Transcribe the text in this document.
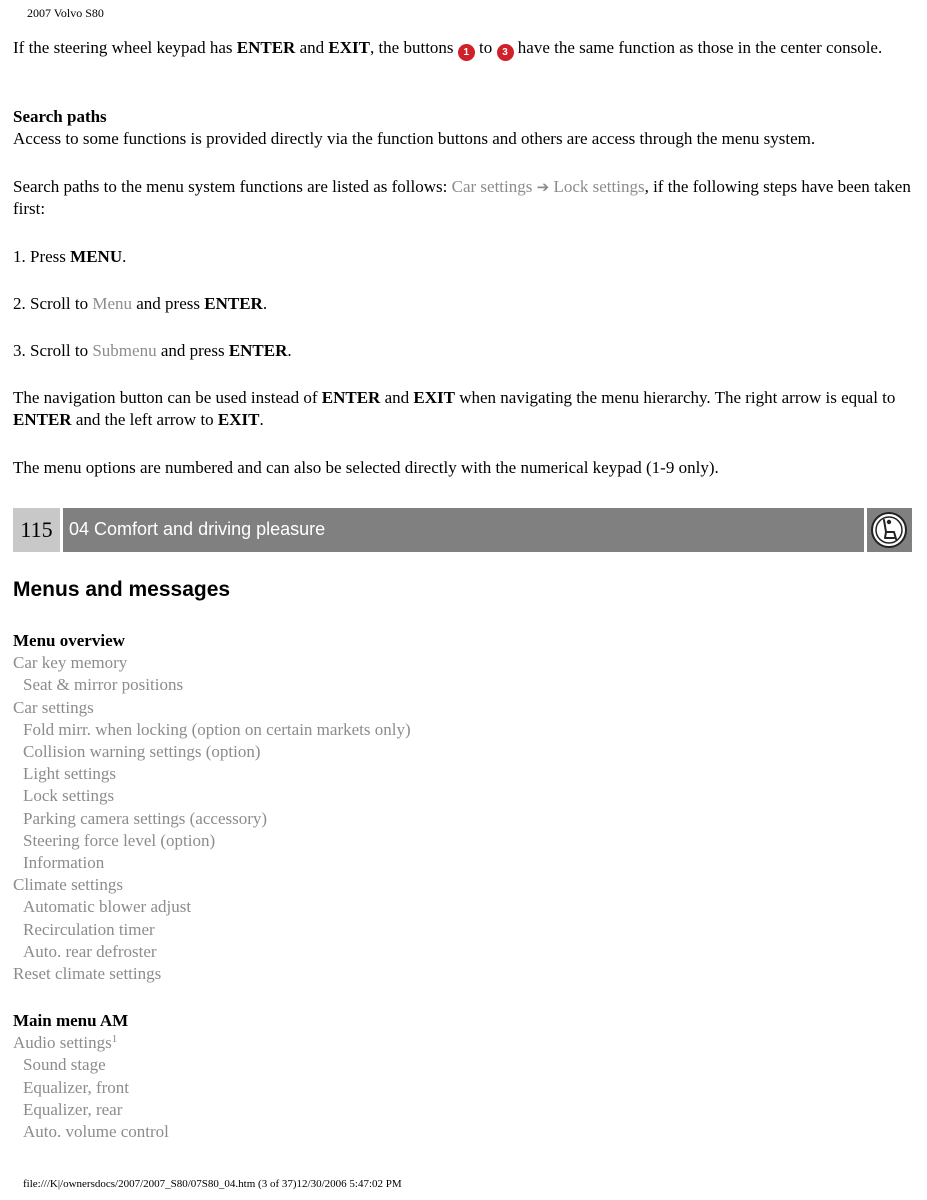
2007 Volvo S80
If the steering wheel keypad has ENTER and EXIT, the buttons 1 to 3 have the same function as those in the center console.
Search paths
Access to some functions is provided directly via the function buttons and others are access through the menu system.
Search paths to the menu system functions are listed as follows: Car settings ➔ Lock settings, if the following steps have been taken first:
1. Press MENU.
2. Scroll to Menu and press ENTER.
3. Scroll to Submenu and press ENTER.
The navigation button can be used instead of ENTER and EXIT when navigating the menu hierarchy. The right arrow is equal to ENTER and the left arrow to EXIT.
The menu options are numbered and can also be selected directly with the numerical keypad (1-9 only).
115 04 Comfort and driving pleasure
Menus and messages
Menu overview
Car key memory
Seat & mirror positions
Car settings
Fold mirr. when locking (option on certain markets only)
Collision warning settings (option)
Light settings
Lock settings
Parking camera settings (accessory)
Steering force level (option)
Information
Climate settings
Automatic blower adjust
Recirculation timer
Auto. rear defroster
Reset climate settings
Main menu AM
Audio settings$^1$
Sound stage
Equalizer, front
Equalizer, rear
Auto. volume control
file:///K|/ownersdocs/2007/2007_S80/07S80_04.htm (3 of 37)12/30/2006 5:47:02 PM
